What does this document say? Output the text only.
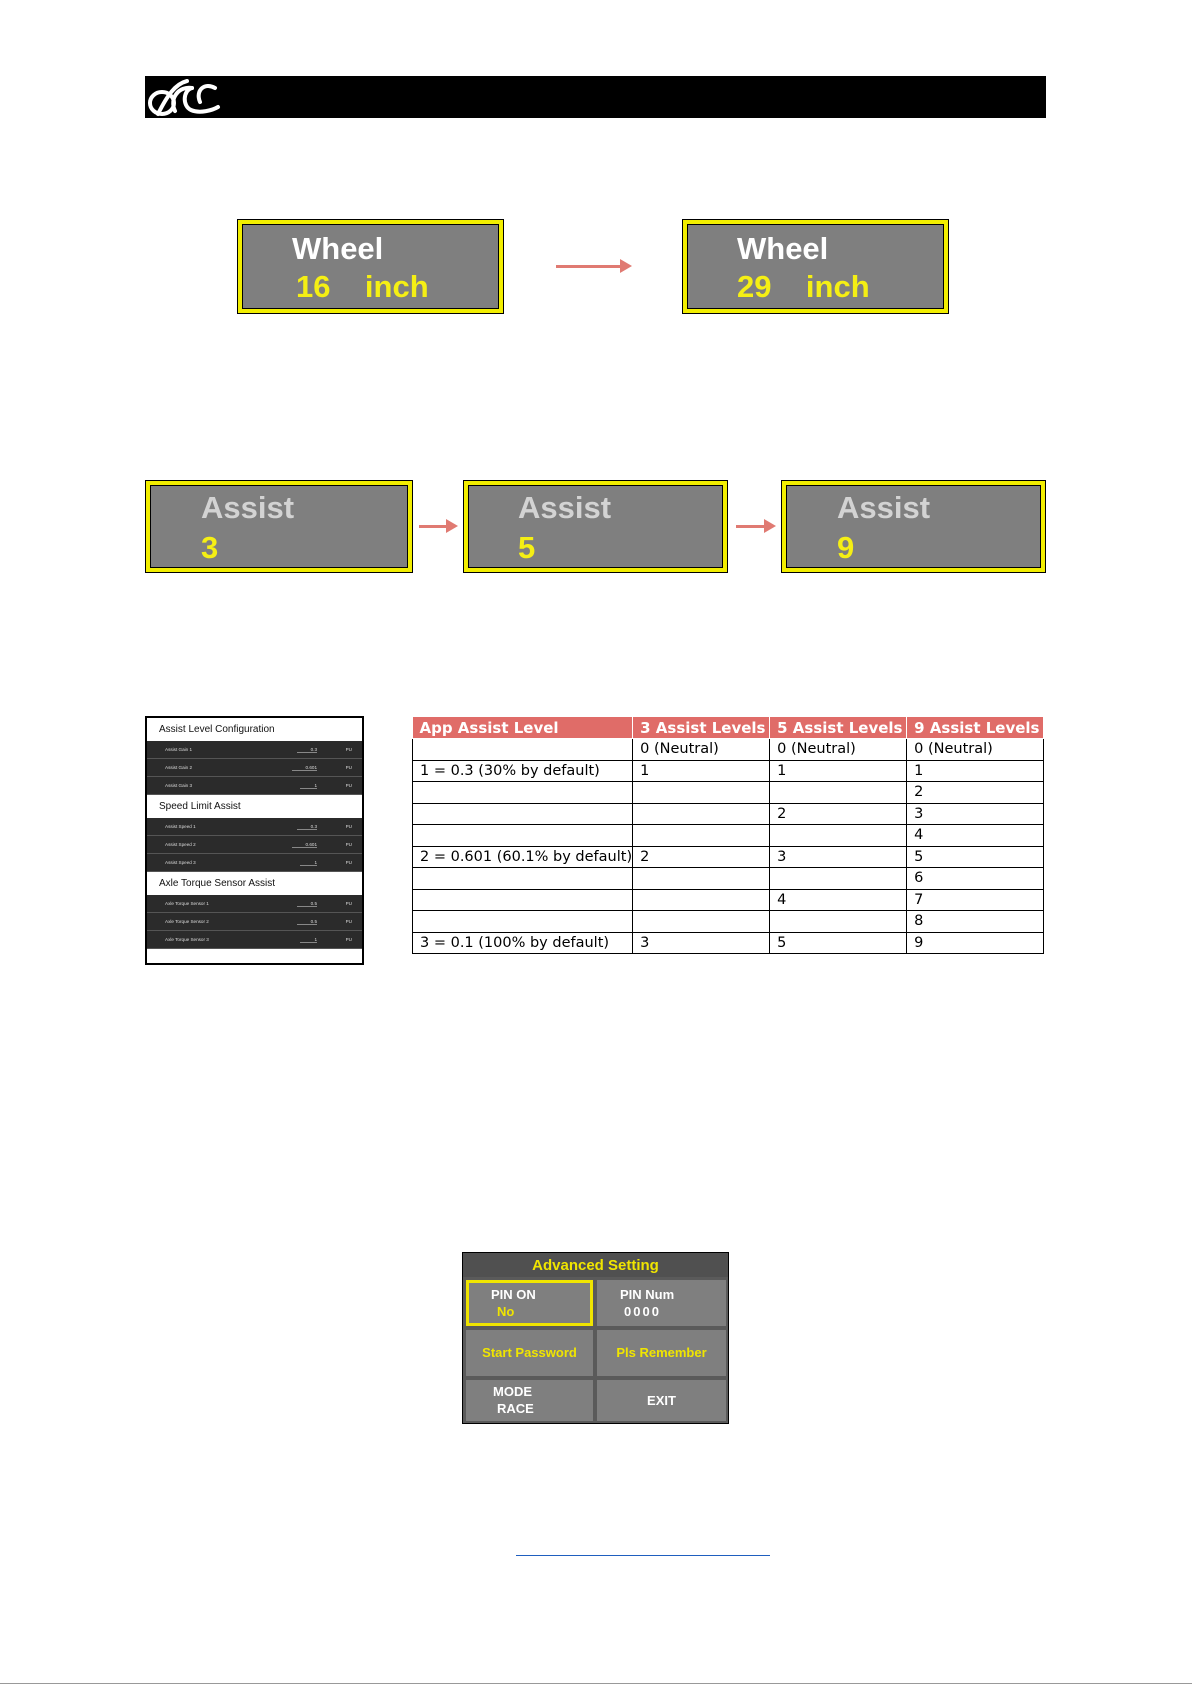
Wheel
16    inch
Wheel
29    inch
Assist
3
Assist
5
Assist
9
Assist Level Configuration
Assist Gain 1	0.3	PU
Assist Gain 2	0.601	PU
Assist Gain 3	1	PU
Speed Limit Assist
Assist Speed 1	0.3	PU
Assist Speed 2	0.601	PU
Assist Speed 3	1	PU
Axle Torque Sensor Assist
Axle Torque Sensor 1	0.5	PU
Axle Torque Sensor 2	0.5	PU
Axle Torque Sensor 3	1	PU
App Assist Level	3 Assist Levels	5 Assist Levels	9 Assist Levels
	0 (Neutral)	0 (Neutral)	0 (Neutral)
1 = 0.3 (30% by default)	1	1	1
			2
		2	3
			4
2 = 0.601 (60.1% by default)	2	3	5
			6
		4	7
			8
3 = 0.1 (100% by default)	3	5	9
Advanced Setting
PIN ON
No
PIN Num
0000
Start Password	Pls Remember
MODE
RACE
EXIT
